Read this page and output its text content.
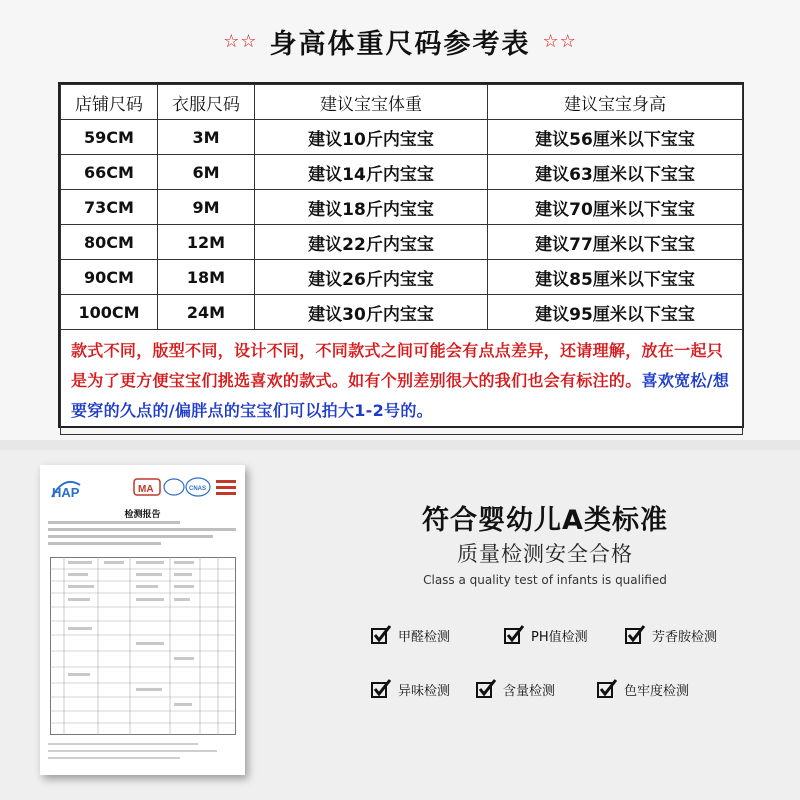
☆☆ 身高体重尺码参考表 ☆☆
店铺尺码	衣服尺码	建议宝宝体重	建议宝宝身高
59CM	3M	建议10斤内宝宝	建议56厘米以下宝宝
66CM	6M	建议14斤内宝宝	建议63厘米以下宝宝
73CM	9M	建议18斤内宝宝	建议70厘米以下宝宝
80CM	12M	建议22斤内宝宝	建议77厘米以下宝宝
90CM	18M	建议26斤内宝宝	建议85厘米以下宝宝
100CM	24M	建议30斤内宝宝	建议95厘米以下宝宝

款式不同，版型不同，设计不同，不同款式之间可能会有点点差异，还请理解，放在一起只是为了更方便宝宝们挑选喜欢的款式。如有个别差别很大的我们也会有标注的。喜欢宽松/想要穿的久点的/偏胖点的宝宝们可以拍大1-2号的。			
HAP	MA	CNAS
检测报告	符合婴幼儿A类标准
质量检测安全合格
Class a quality test of infants is qualified
甲醛检测	PH值检测	芳香胺检测
异味检测	含量检测	色牢度检测
